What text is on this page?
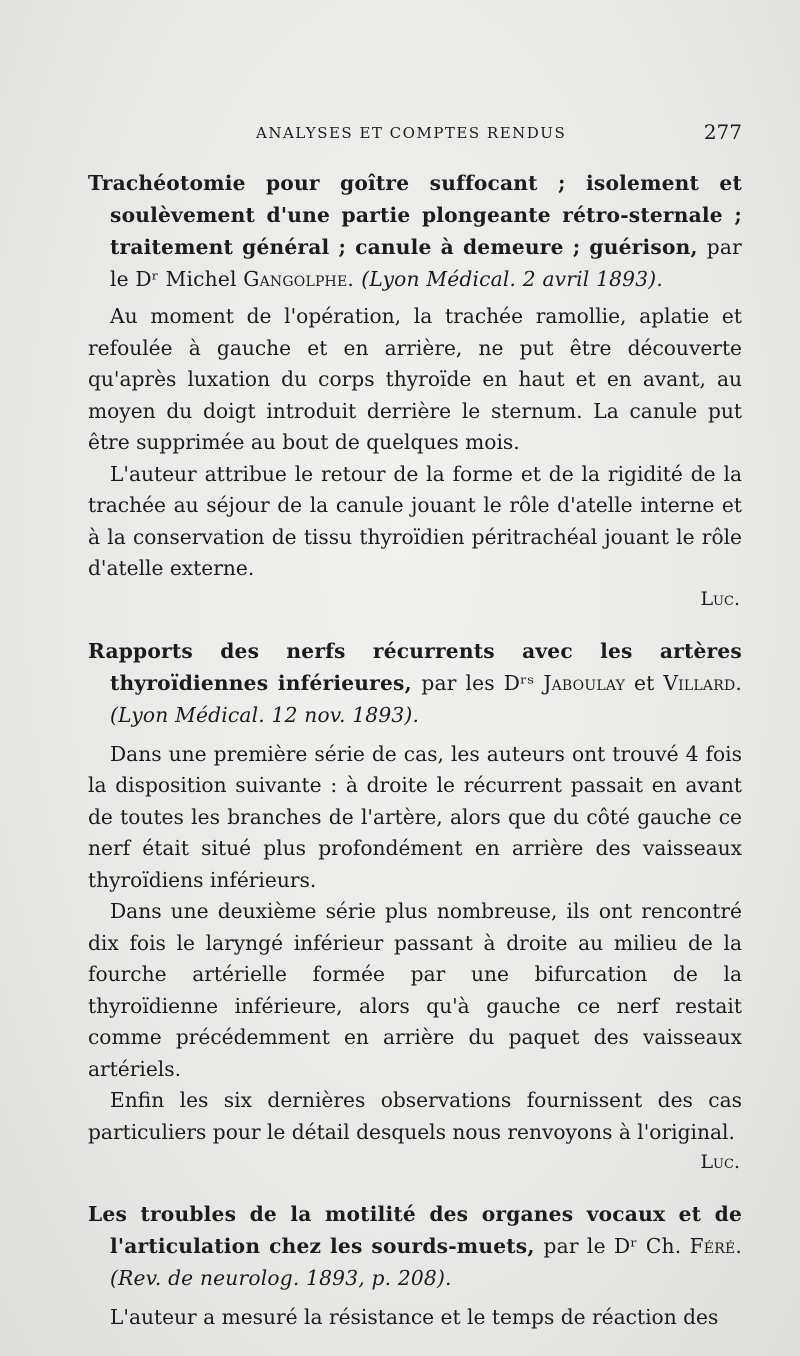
ANALYSES ET COMPTES RENDUS	277

Trachéotomie pour goître suffocant ; isolement et soulèvement d'une partie plongeante rétro-sternale ; traitement général ; canule à demeure ; guérison, par le Dʳ Michel Gangolphe. (Lyon Médical. 2 avril 1893).

Au moment de l'opération, la trachée ramollie, aplatie et refoulée à gauche et en arrière, ne put être découverte qu'après luxation du corps thyroïde en haut et en avant, au moyen du doigt introduit derrière le sternum. La canule put être supprimée au bout de quelques mois.

L'auteur attribue le retour de la forme et de la rigidité de la trachée au séjour de la canule jouant le rôle d'atelle interne et à la conservation de tissu thyroïdien péritrachéal jouant le rôle d'atelle externe.

Luc.

Rapports des nerfs récurrents avec les artères thyroïdiennes inférieures, par les Dʳˢ Jaboulay et Villard. (Lyon Médical. 12 nov. 1893).

Dans une première série de cas, les auteurs ont trouvé 4 fois la disposition suivante : à droite le récurrent passait en avant de toutes les branches de l'artère, alors que du côté gauche ce nerf était situé plus profondément en arrière des vaisseaux thyroïdiens inférieurs.

Dans une deuxième série plus nombreuse, ils ont rencontré dix fois le laryngé inférieur passant à droite au milieu de la fourche artérielle formée par une bifurcation de la thyroïdienne inférieure, alors qu'à gauche ce nerf restait comme précédemment en arrière du paquet des vaisseaux artériels.

Enfin les six dernières observations fournissent des cas particuliers pour le détail desquels nous renvoyons à l'original.

Luc.

Les troubles de la motilité des organes vocaux et de l'articulation chez les sourds-muets, par le Dʳ Ch. Féré. (Rev. de neurolog. 1893, p. 208).

L'auteur a mesuré la résistance et le temps de réaction des
